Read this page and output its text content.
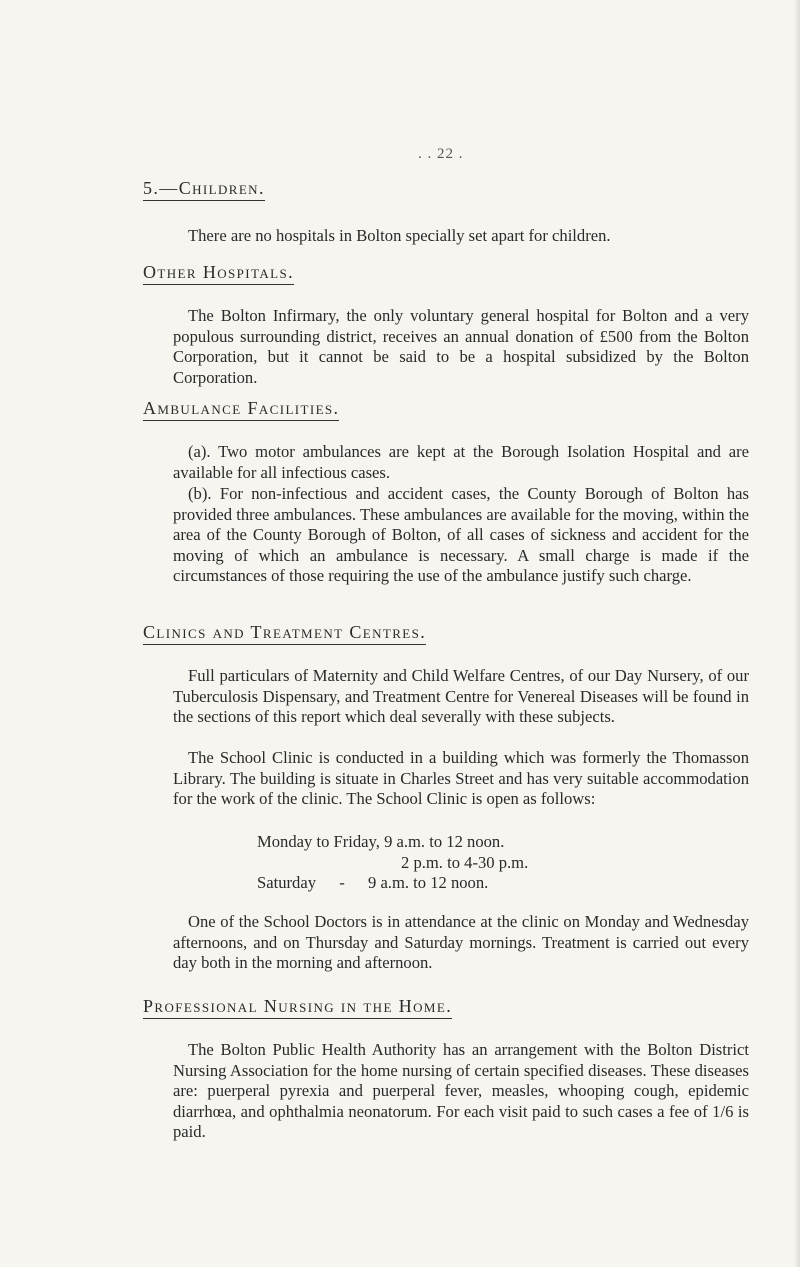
. . 22 .
5.—Children.

There are no hospitals in Bolton specially set apart for children.

Other Hospitals.

The Bolton Infirmary, the only voluntary general hospital for Bolton and a very populous surrounding district, receives an annual donation of £500 from the Bolton Corporation, but it cannot be said to be a hospital subsidized by the Bolton Corporation.

Ambulance Facilities.

(a). Two motor ambulances are kept at the Borough Isolation Hospital and are available for all infectious cases.

(b). For non-infectious and accident cases, the County Borough of Bolton has provided three ambulances. These ambulances are available for the moving, within the area of the County Borough of Bolton, of all cases of sickness and accident for the moving of which an ambulance is necessary. A small charge is made if the circumstances of those requiring the use of the ambulance justify such charge.

Clinics and Treatment Centres.

Full particulars of Maternity and Child Welfare Centres, of our Day Nursery, of our Tuberculosis Dispensary, and Treatment Centre for Venereal Diseases will be found in the sections of this report which deal severally with these subjects.

The School Clinic is conducted in a building which was formerly the Thomasson Library. The building is situate in Charles Street and has very suitable accommodation for the work of the clinic. The School Clinic is open as follows:

Monday to Friday, 9 a.m. to 12 noon.
2 p.m. to 4-30 p.m.
Saturday - 9 a.m. to 12 noon.

One of the School Doctors is in attendance at the clinic on Monday and Wednesday afternoons, and on Thursday and Saturday mornings. Treatment is carried out every day both in the morning and afternoon.

Professional Nursing in the Home.

The Bolton Public Health Authority has an arrangement with the Bolton District Nursing Association for the home nursing of certain specified diseases. These diseases are: puerperal pyrexia and puerperal fever, measles, whooping cough, epidemic diarrhœa, and ophthalmia neonatorum. For each visit paid to such cases a fee of 1/6 is paid.
